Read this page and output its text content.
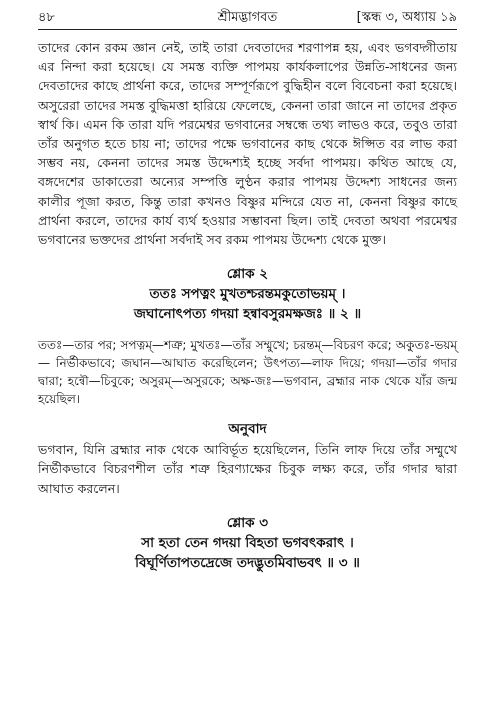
৪৮	শ্রীমদ্ভাগবত	[স্কন্ধ ৩, অধ্যায় ১৯

তাদের কোন রকম জ্ঞান নেই, তাই তারা দেবতাদের শরণাপন্ন হয়, এবং ভগবদ্গীতায় এর নিন্দা করা হয়েছে। যে সমস্ত ব্যক্তি পাপময় কার্যকলাপের উন্নতি-সাধনের জন্য দেবতাদের কাছে প্রার্থনা করে, তাদের সম্পূর্ণরূপে বুদ্ধিহীন বলে বিবেচনা করা হয়েছে। অসুরেরা তাদের সমস্ত বুদ্ধিমত্তা হারিয়ে ফেলেছে, কেননা তারা জানে না তাদের প্রকৃত স্বার্থ কি। এমন কি তারা যদি পরমেশ্বর ভগবানের সম্বন্ধে তথ্য লাভও করে, তবুও তারা তাঁর অনুগত হতে চায় না; তাদের পক্ষে ভগবানের কাছ থেকে ঈপ্সিত বর লাভ করা সম্ভব নয়, কেননা তাদের সমস্ত উদ্দেশ্যই হচ্ছে সর্বদা পাপময়। কথিত আছে যে, বঙ্গদেশের ডাকাতেরা অন্যের সম্পত্তি লুণ্ঠন করার পাপময় উদ্দেশ্য সাধনের জন্য কালীর পূজা করত, কিন্তু তারা কখনও বিষ্ণুর মন্দিরে যেত না, কেননা বিষ্ণুর কাছে প্রার্থনা করলে, তাদের কার্য ব্যর্থ হওয়ার সম্ভাবনা ছিল। তাই দেবতা অথবা পরমেশ্বর ভগবানের ভক্তদের প্রার্থনা সর্বদাই সব রকম পাপময় উদ্দেশ্য থেকে মুক্ত।

শ্লোক ২

ততঃ সপত্নং মুখতশ্চরন্তমকুতোভয়ম্ ।

জঘানোৎপত্য গদয়া হন্বাবসুরমক্ষজঃ ॥ ২ ॥

ততঃ—তার পর; সপত্নম্—শত্রু; মুখতঃ—তাঁর সম্মুখে; চরন্তম্—বিচরণ করে; অকুতঃ-ভয়ম্— নির্ভীকভাবে; জঘান—আঘাত করেছিলেন; উৎপত্য—লাফ দিয়ে; গদয়া—তাঁর গদার দ্বারা; হন্বৌ—চিবুকে; অসুরম্—অসুরকে; অক্ষ-জঃ—ভগবান, ব্রহ্মার নাক থেকে যাঁর জন্ম হয়েছিল।

অনুবাদ

ভগবান, যিনি ব্রহ্মার নাক থেকে আবির্ভূত হয়েছিলেন, তিনি লাফ দিয়ে তাঁর সম্মুখে নির্ভীকভাবে বিচরণশীল তাঁর শত্রু হিরণ্যাক্ষের চিবুক লক্ষ্য করে, তাঁর গদার দ্বারা আঘাত করলেন।

শ্লোক ৩

সা হতা তেন গদয়া বিহতা ভগবৎকরাৎ ।

বিঘূর্ণিতাপতদ্রেজে তদদ্ভুতমিবাভবৎ ॥ ৩ ॥
